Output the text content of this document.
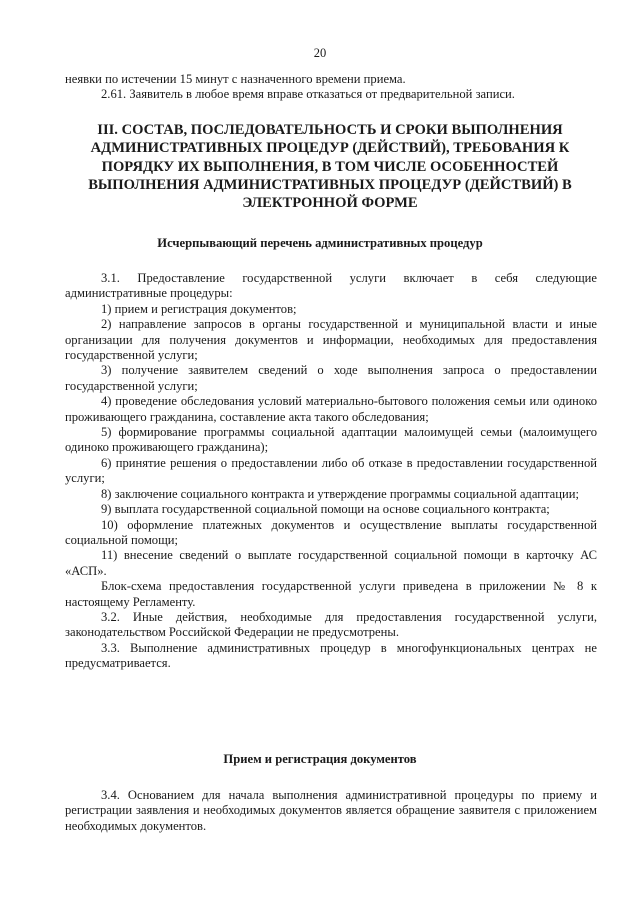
20

неявки по истечении 15 минут с назначенного времени приема.

2.61. Заявитель в любое время вправе отказаться от предварительной записи.

III. СОСТАВ, ПОСЛЕДОВАТЕЛЬНОСТЬ И СРОКИ ВЫПОЛНЕНИЯ АДМИНИСТРАТИВНЫХ ПРОЦЕДУР (ДЕЙСТВИЙ), ТРЕБОВАНИЯ К ПОРЯДКУ ИХ ВЫПОЛНЕНИЯ, В ТОМ ЧИСЛЕ ОСОБЕННОСТЕЙ ВЫПОЛНЕНИЯ АДМИНИСТРАТИВНЫХ ПРОЦЕДУР (ДЕЙСТВИЙ) В ЭЛЕКТРОННОЙ ФОРМЕ
Исчерпывающий перечень административных процедур

3.1. Предоставление государственной услуги включает в себя следующие административные процедуры:

1) прием и регистрация документов;

2) направление запросов в органы государственной и муниципальной власти и иные организации для получения документов и информации, необходимых для предоставления государственной услуги;

3) получение заявителем сведений о ходе выполнения запроса о предоставлении государственной услуги;

4) проведение обследования условий материально-бытового положения семьи или одиноко проживающего гражданина, составление акта такого обследования;

5) формирование программы социальной адаптации малоимущей семьи (малоимущего одиноко проживающего гражданина);

6) принятие решения о предоставлении либо об отказе в предоставлении государственной услуги;

8) заключение социального контракта и утверждение программы социальной адаптации;

9) выплата государственной социальной помощи на основе социального контракта;

10) оформление платежных документов и осуществление выплаты государственной социальной помощи;

11) внесение сведений о выплате государственной социальной помощи в карточку АС «АСП».

Блок-схема предоставления государственной услуги приведена в приложении № 8 к настоящему Регламенту.

3.2. Иные действия, необходимые для предоставления государственной услуги, законодательством Российской Федерации не предусмотрены.

3.3. Выполнение административных процедур в многофункциональных центрах не предусматривается.

Прием и регистрация документов

3.4. Основанием для начала выполнения административной процедуры по приему и регистрации заявления и необходимых документов является обращение заявителя с приложением необходимых документов.
